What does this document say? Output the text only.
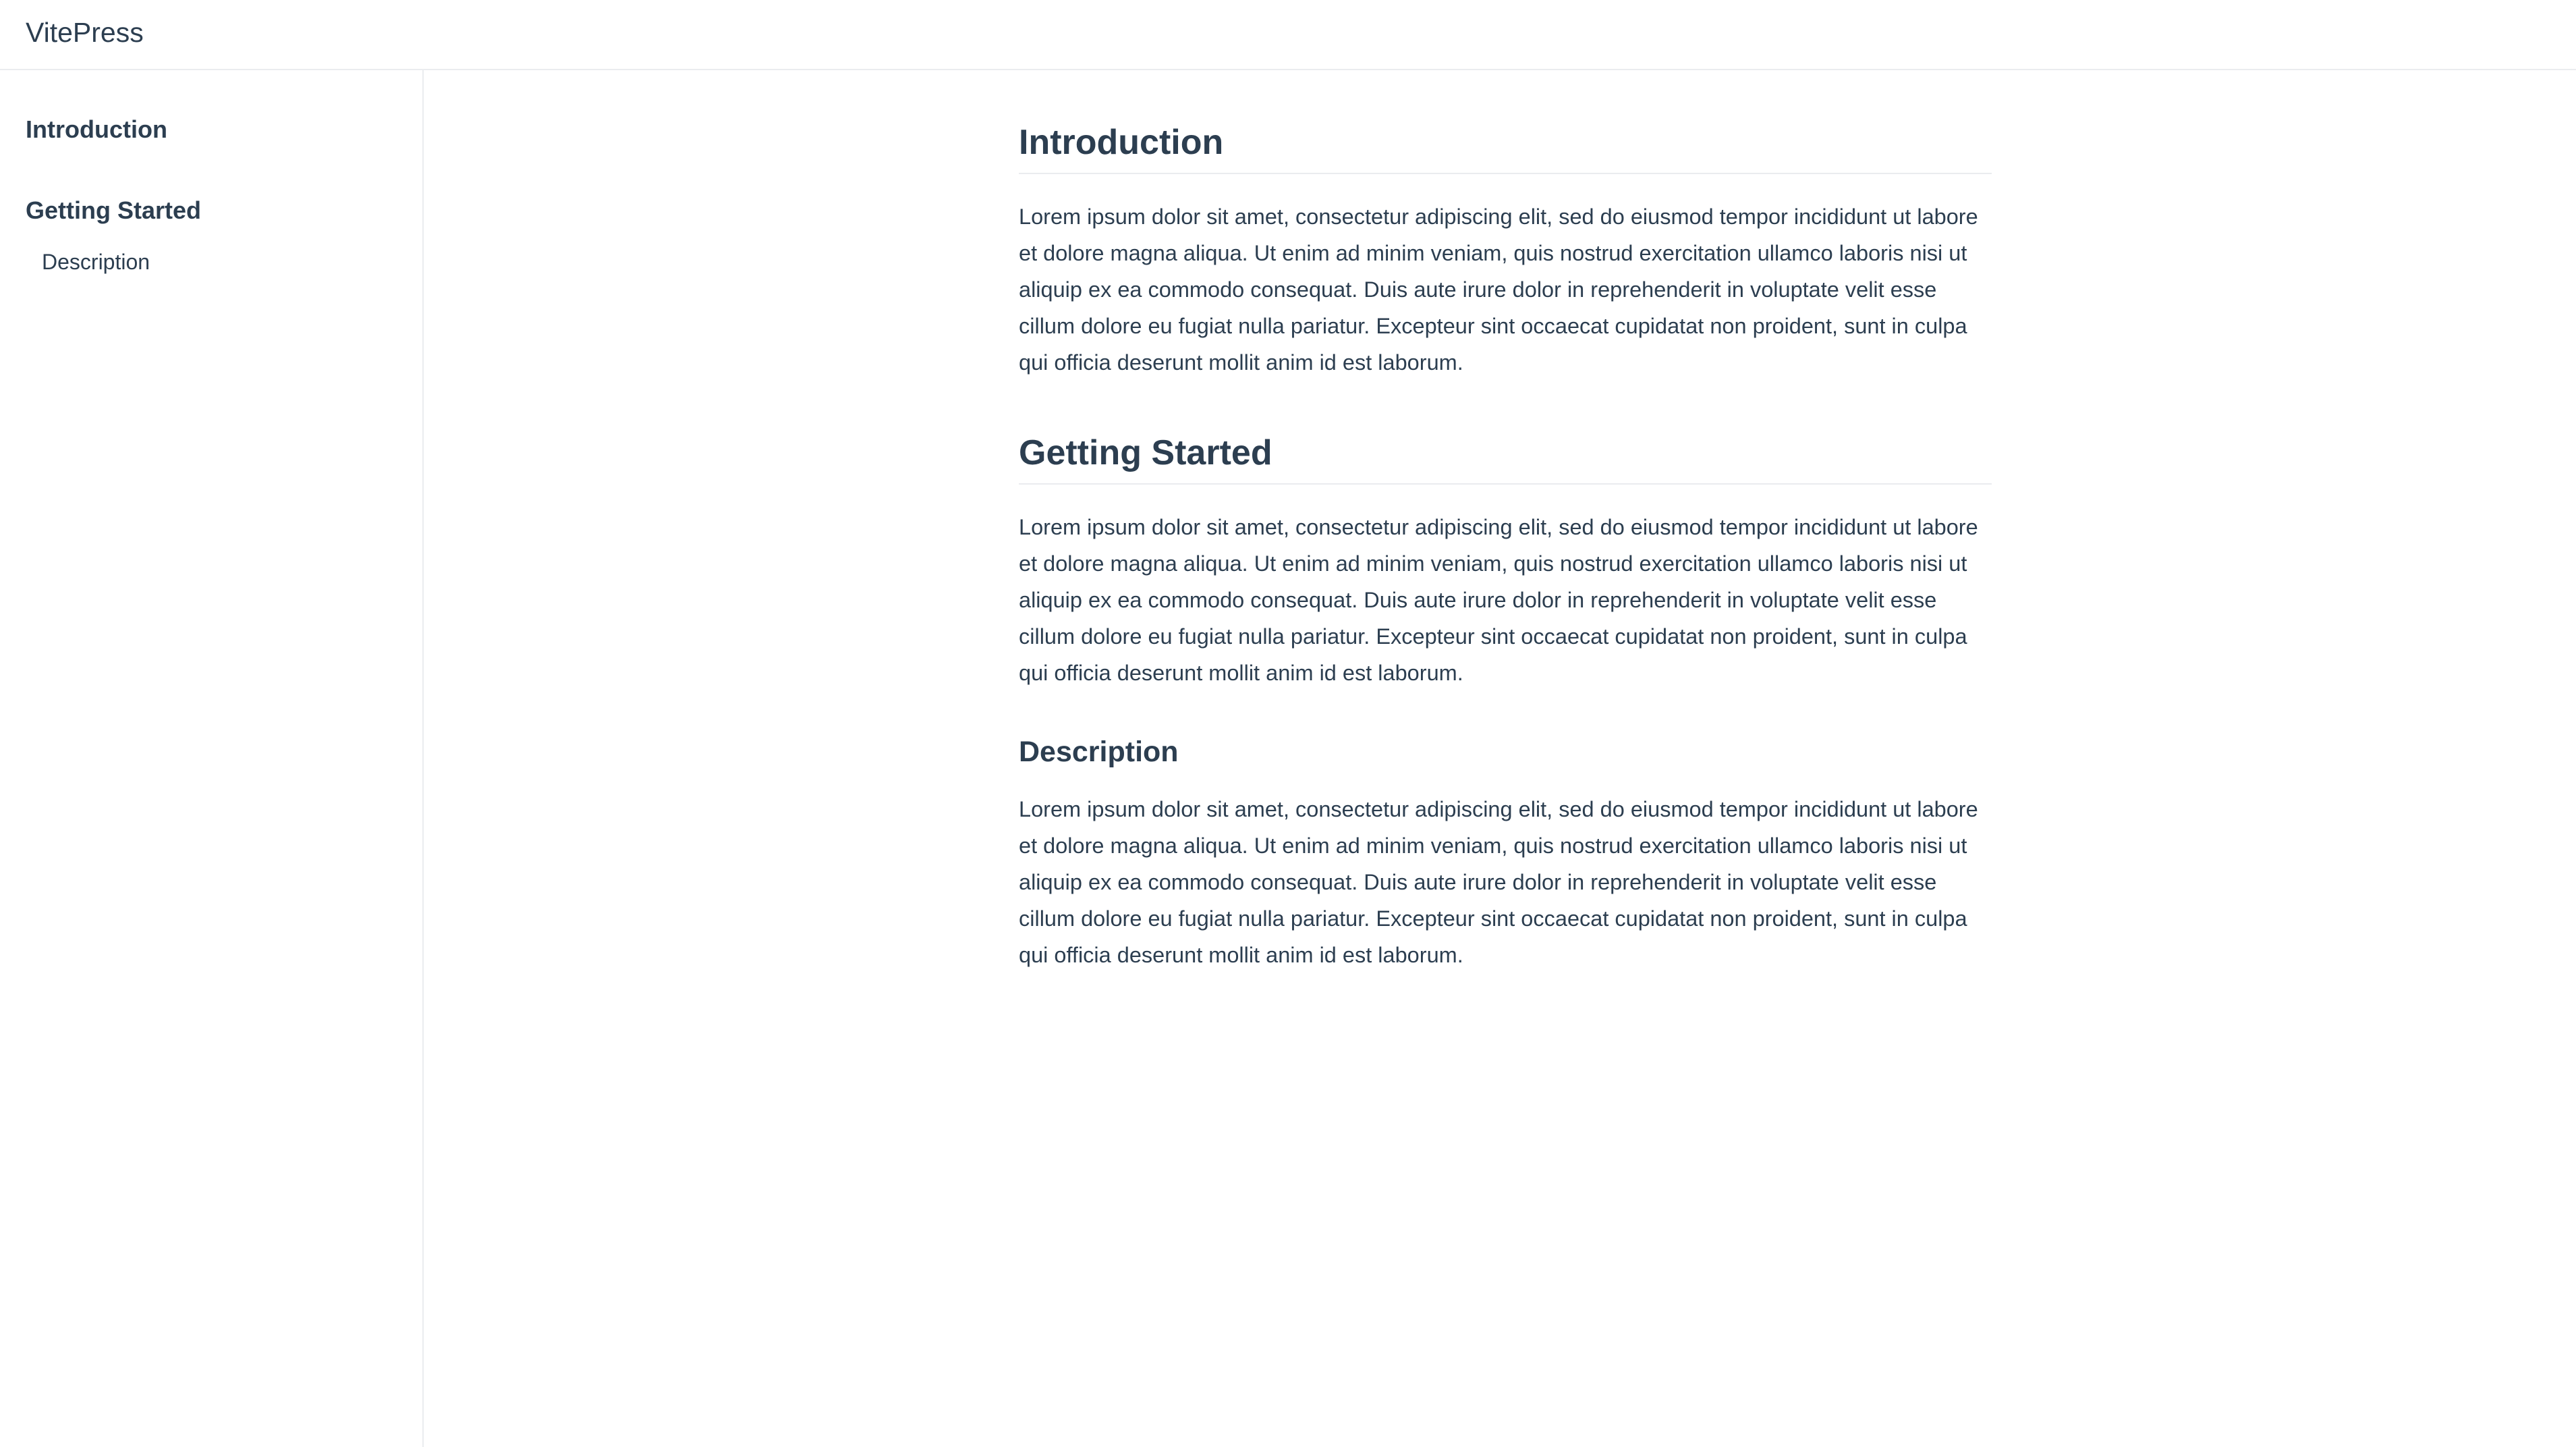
VitePress
Introduction
Getting Started
Description
Introduction

Lorem ipsum dolor sit amet, consectetur adipiscing elit, sed do eiusmod tempor incididunt ut labore et dolore magna aliqua. Ut enim ad minim veniam, quis nostrud exercitation ullamco laboris nisi ut aliquip ex ea commodo consequat. Duis aute irure dolor in reprehenderit in voluptate velit esse cillum dolore eu fugiat nulla pariatur. Excepteur sint occaecat cupidatat non proident, sunt in culpa qui officia deserunt mollit anim id est laborum.

Getting Started

Lorem ipsum dolor sit amet, consectetur adipiscing elit, sed do eiusmod tempor incididunt ut labore et dolore magna aliqua. Ut enim ad minim veniam, quis nostrud exercitation ullamco laboris nisi ut aliquip ex ea commodo consequat. Duis aute irure dolor in reprehenderit in voluptate velit esse cillum dolore eu fugiat nulla pariatur. Excepteur sint occaecat cupidatat non proident, sunt in culpa qui officia deserunt mollit anim id est laborum.

Description

Lorem ipsum dolor sit amet, consectetur adipiscing elit, sed do eiusmod tempor incididunt ut labore et dolore magna aliqua. Ut enim ad minim veniam, quis nostrud exercitation ullamco laboris nisi ut aliquip ex ea commodo consequat. Duis aute irure dolor in reprehenderit in voluptate velit esse cillum dolore eu fugiat nulla pariatur. Excepteur sint occaecat cupidatat non proident, sunt in culpa qui officia deserunt mollit anim id est laborum.
